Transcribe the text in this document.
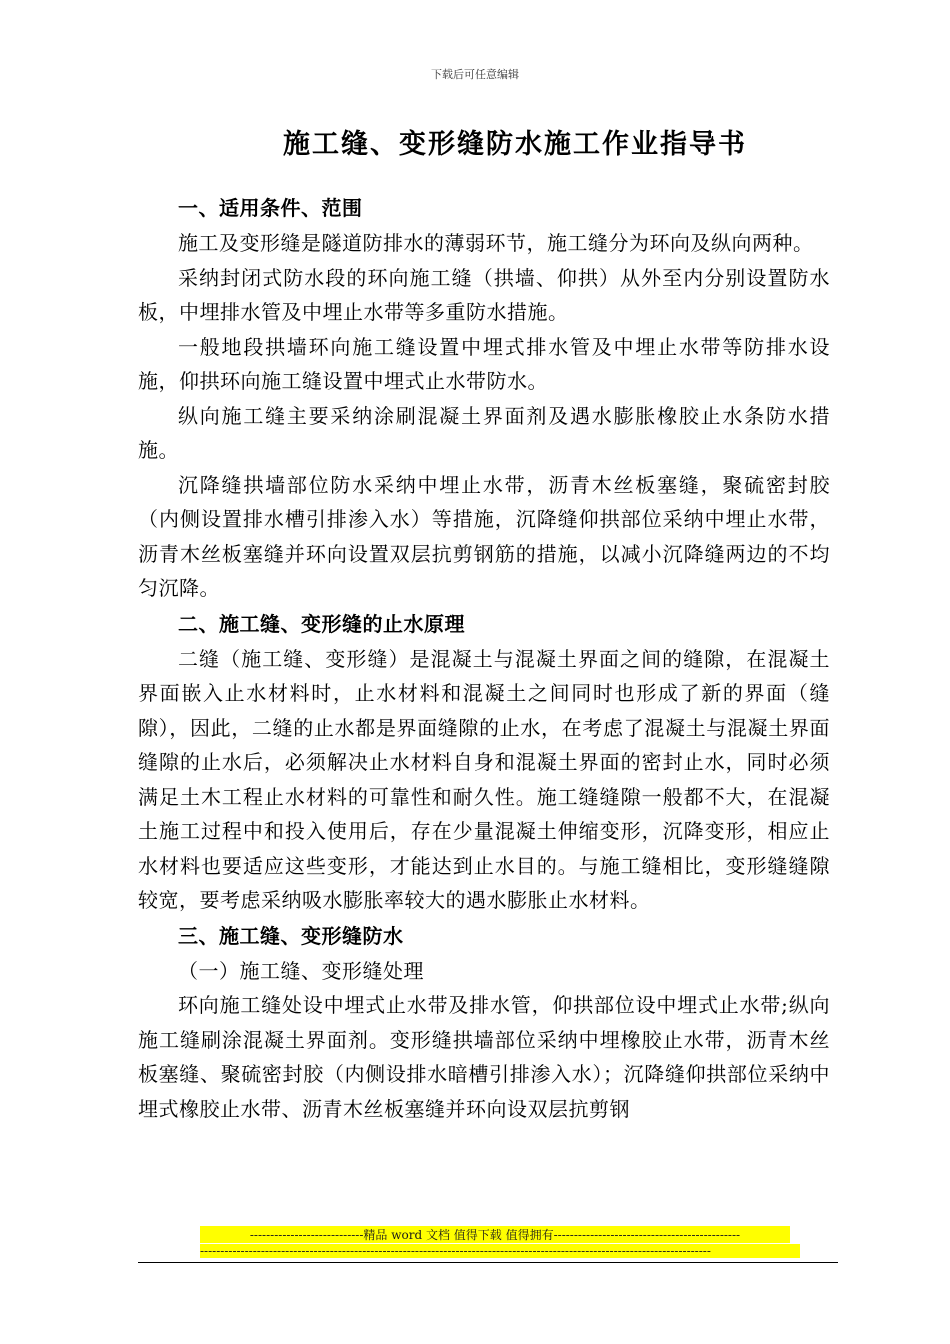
下载后可任意编辑
施工缝、变形缝防水施工作业指导书
一、适用条件、范围

施工及变形缝是隧道防排水的薄弱环节，施工缝分为环向及纵向两种。

采纳封闭式防水段的环向施工缝（拱墙、仰拱）从外至内分别设置防水板，中埋排水管及中埋止水带等多重防水措施。

一般地段拱墙环向施工缝设置中埋式排水管及中埋止水带等防排水设施，仰拱环向施工缝设置中埋式止水带防水。

纵向施工缝主要采纳涂刷混凝土界面剂及遇水膨胀橡胶止水条防水措施。

沉降缝拱墙部位防水采纳中埋止水带，沥青木丝板塞缝，聚硫密封胶（内侧设置排水槽引排渗入水）等措施，沉降缝仰拱部位采纳中埋止水带，沥青木丝板塞缝并环向设置双层抗剪钢筋的措施，以减小沉降缝两边的不均匀沉降。

二、施工缝、变形缝的止水原理

二缝（施工缝、变形缝）是混凝土与混凝土界面之间的缝隙，在混凝土界面嵌入止水材料时，止水材料和混凝土之间同时也形成了新的界面（缝隙），因此，二缝的止水都是界面缝隙的止水，在考虑了混凝土与混凝土界面缝隙的止水后，必须解决止水材料自身和混凝土界面的密封止水，同时必须满足土木工程止水材料的可靠性和耐久性。施工缝缝隙一般都不大，在混凝土施工过程中和投入使用后，存在少量混凝土伸缩变形，沉降变形，相应止水材料也要适应这些变形，才能达到止水目的。与施工缝相比，变形缝缝隙较宽，要考虑采纳吸水膨胀率较大的遇水膨胀止水材料。

三、施工缝、变形缝防水

（一）施工缝、变形缝处理

环向施工缝处设中埋式止水带及排水管，仰拱部位设中埋式止水带;纵向施工缝刷涂混凝土界面剂。变形缝拱墙部位采纳中埋橡胶止水带，沥青木丝板塞缝、聚硫密封胶（内侧设排水暗槽引排渗入水）；沉降缝仰拱部位采纳中埋式橡胶止水带、沥青木丝板塞缝并环向设双层抗剪钢

----------------------------精品 word 文档 值得下载 值得拥有----------------------------------------------
------------------------------------------------------------------------------------------------------------------------------
